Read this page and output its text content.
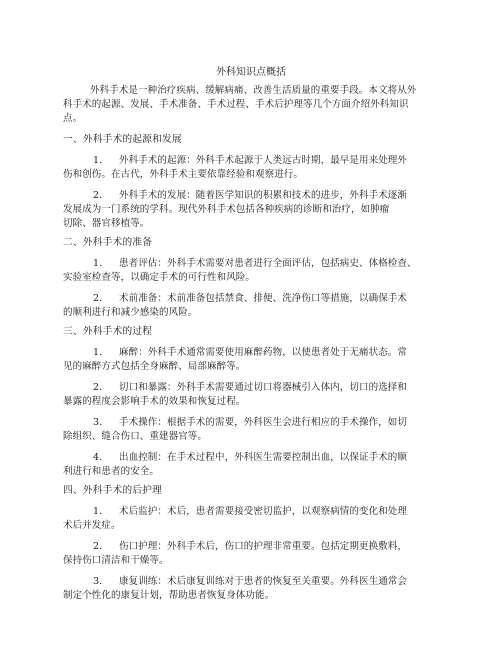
外科知识点概括
外科手术是一种治疗疾病、缓解病痛、改善生活质量的重要手段。本文将从外
科手术的起源、发展、手术准备、手术过程、手术后护理等几个方面介绍外科知识
点。
一、外科手术的起源和发展
1. 外科手术的起源：外科手术起源于人类远古时期，最早是用来处理外
伤和创伤。在古代，外科手术主要依靠经验和观察进行。
2. 外科手术的发展：随着医学知识的积累和技术的进步，外科手术逐渐
发展成为一门系统的学科。现代外科手术包括各种疾病的诊断和治疗，如肿瘤
切除、器官移植等。
二、外科手术的准备
1. 患者评估：外科手术需要对患者进行全面评估，包括病史、体格检查、
实验室检查等，以确定手术的可行性和风险。
2. 术前准备：术前准备包括禁食、排便、洗净伤口等措施，以确保手术
的顺利进行和减少感染的风险。
三、外科手术的过程
1. 麻醉：外科手术通常需要使用麻醉药物，以使患者处于无痛状态。常
见的麻醉方式包括全身麻醉、局部麻醉等。
2. 切口和暴露：外科手术需要通过切口将器械引入体内，切口的选择和
暴露的程度会影响手术的效果和恢复过程。
3. 手术操作：根据手术的需要，外科医生会进行相应的手术操作，如切
除组织、缝合伤口、重建器官等。
4. 出血控制：在手术过程中，外科医生需要控制出血，以保证手术的顺
利进行和患者的安全。
四、外科手术的后护理
1. 术后监护：术后，患者需要接受密切监护，以观察病情的变化和处理
术后并发症。
2. 伤口护理：外科手术后，伤口的护理非常重要。包括定期更换敷料，
保持伤口清洁和干燥等。
3. 康复训练：术后康复训练对于患者的恢复至关重要。外科医生通常会
制定个性化的康复计划，帮助患者恢复身体功能。
